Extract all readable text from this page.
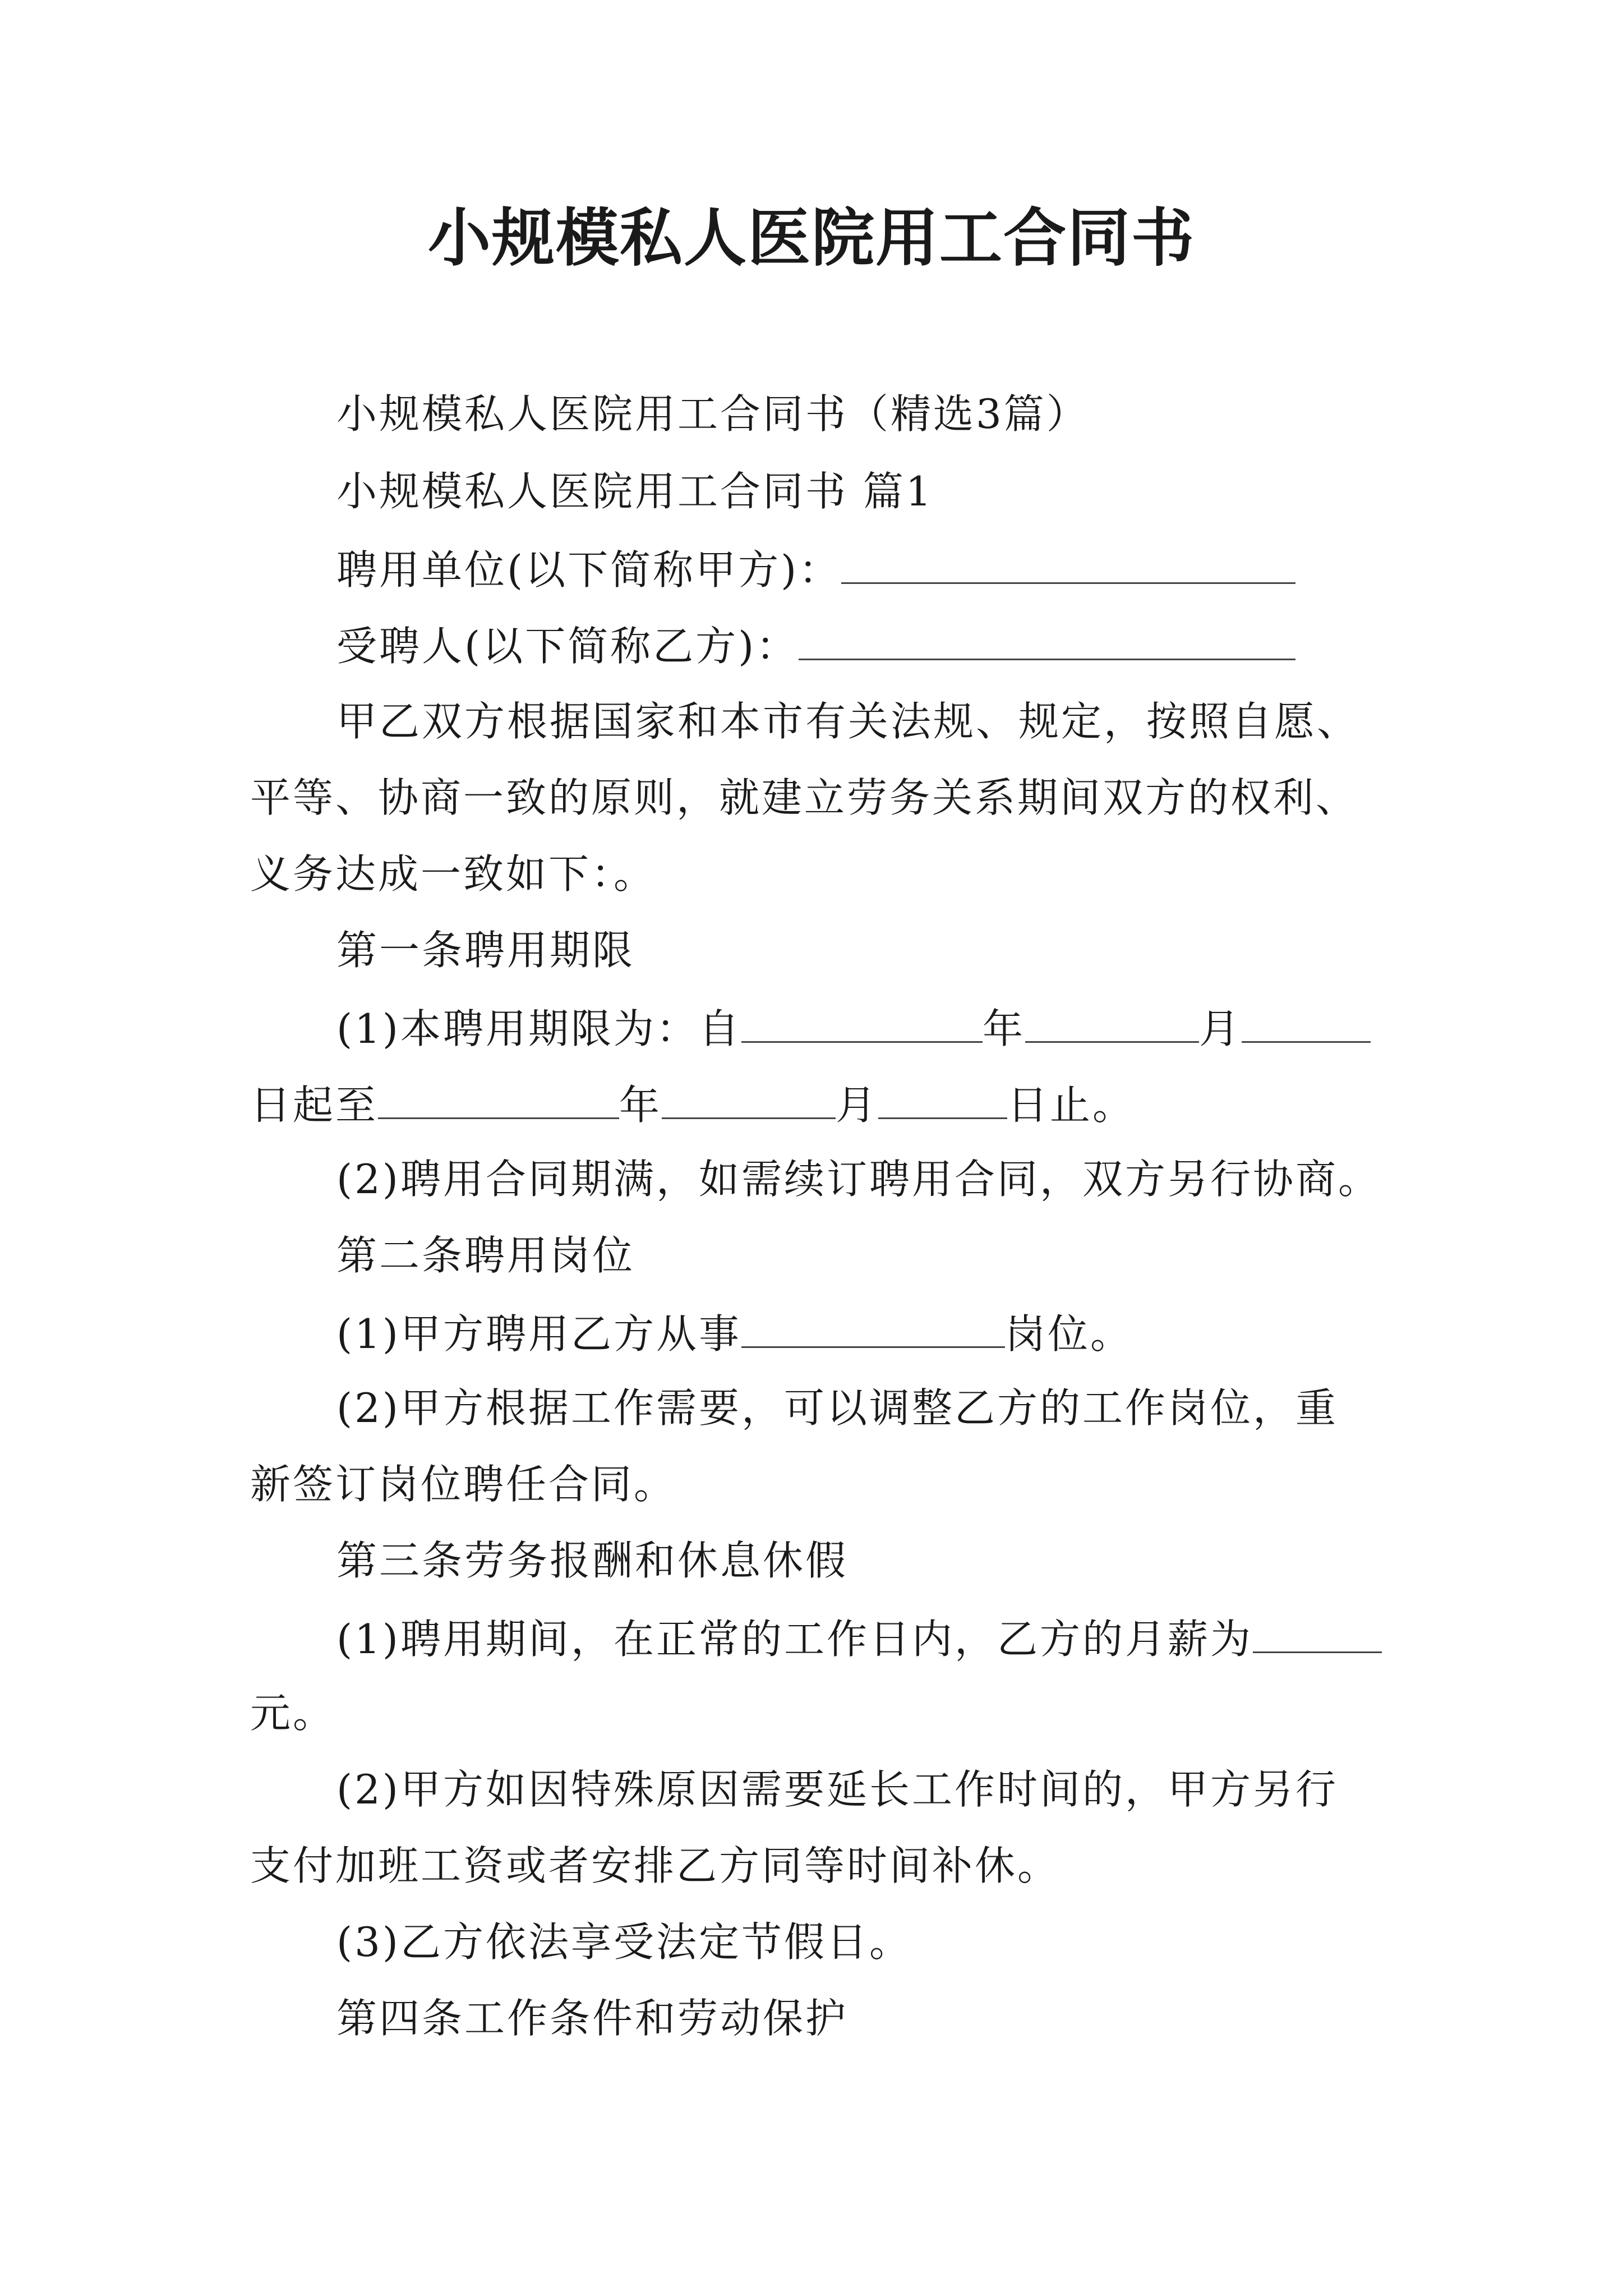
小规模私人医院用工合同书
小规模私人医院用工合同书（精选3篇）
小规模私人医院用工合同书 篇1
聘用单位(以下简称甲方)：
受聘人(以下简称乙方)：
甲乙双方根据国家和本市有关法规、规定，按照自愿、
平等、协商一致的原则，就建立劳务关系期间双方的权利、
义务达成一致如下：。
第一条聘用期限
(1)本聘用期限为：自	年	月
日起至	年	月	日止。
(2)聘用合同期满，如需续订聘用合同，双方另行协商。
第二条聘用岗位
(1)甲方聘用乙方从事	岗位。
(2)甲方根据工作需要，可以调整乙方的工作岗位，重
新签订岗位聘任合同。
第三条劳务报酬和休息休假
(1)聘用期间，在正常的工作日内，乙方的月薪为
元。
(2)甲方如因特殊原因需要延长工作时间的，甲方另行
支付加班工资或者安排乙方同等时间补休。
(3)乙方依法享受法定节假日。
第四条工作条件和劳动保护
